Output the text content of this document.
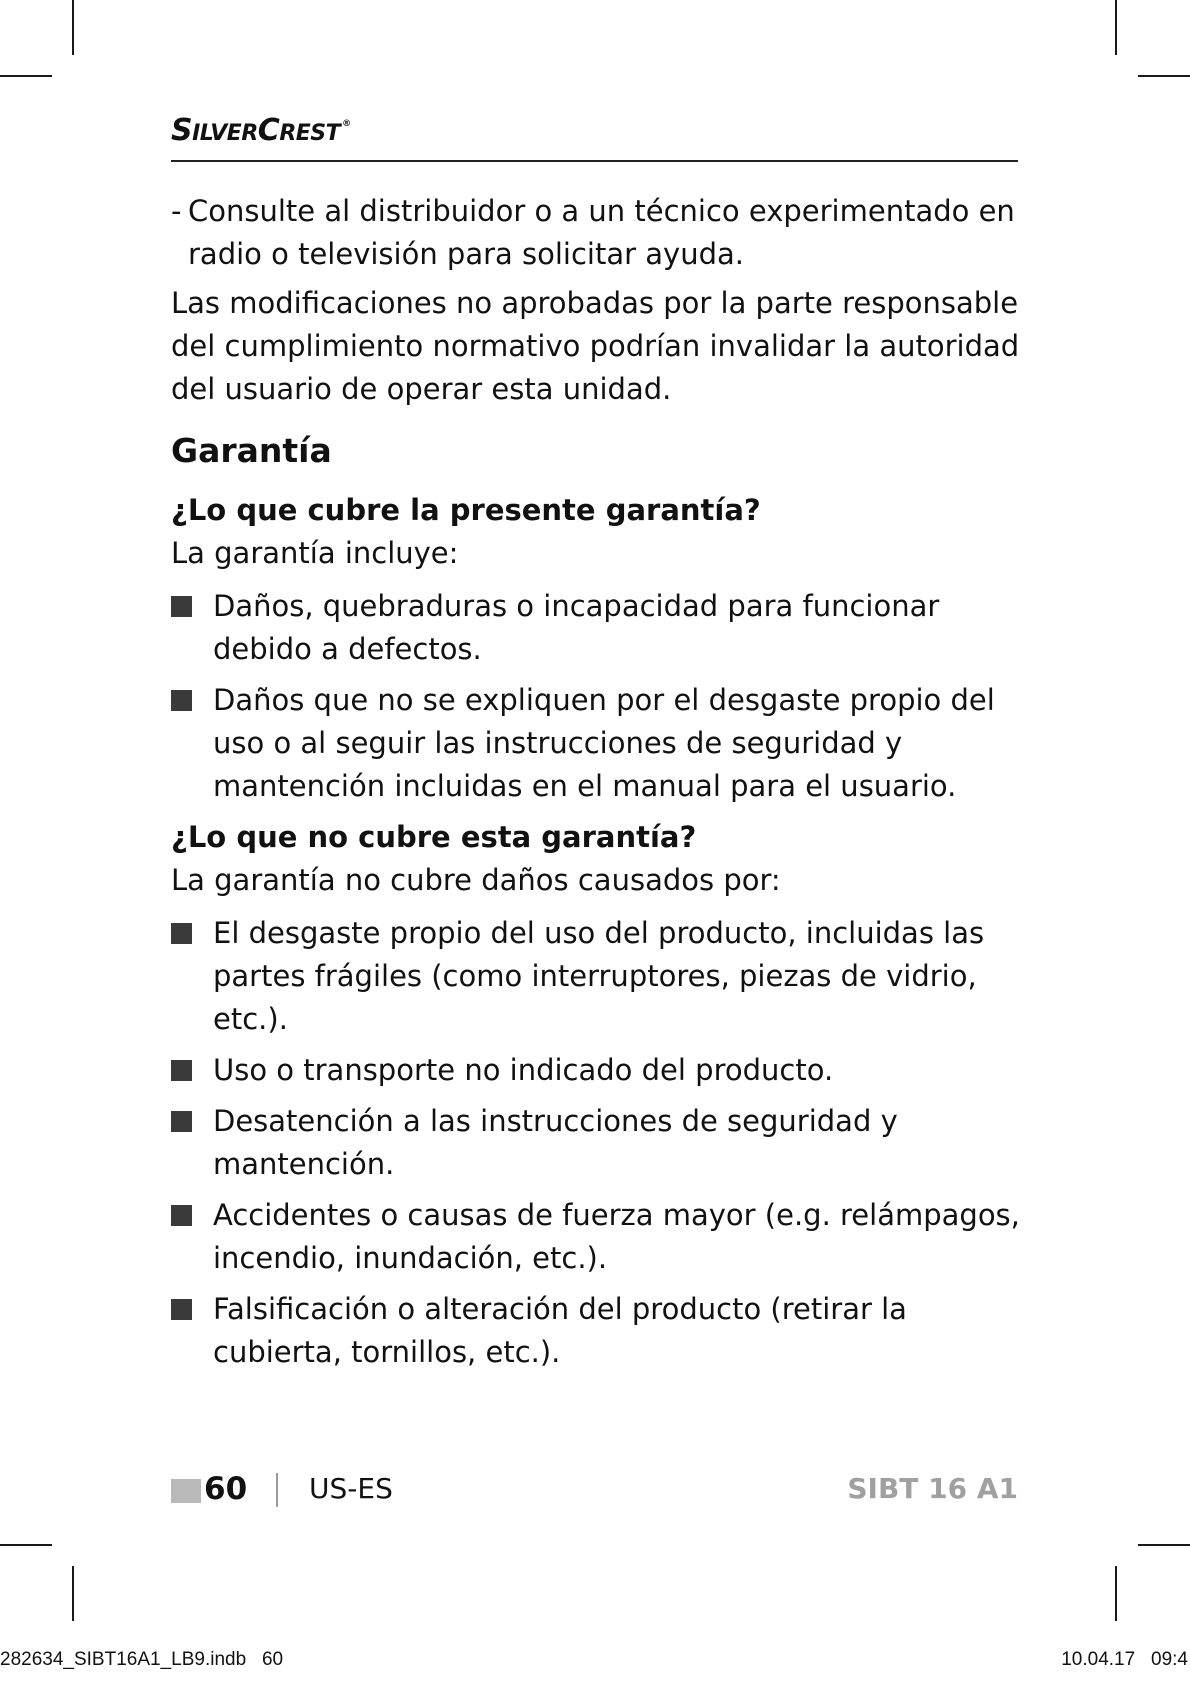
SILVERCREST ®
- Consulte al distribuidor o a un técnico experimentado en radio o televisión para solicitar ayuda.

Las modificaciones no aprobadas por la parte responsable del cumplimiento normativo podrían invalidar la autoridad del usuario de operar esta unidad.

Garantía
¿Lo que cubre la presente garantía?

La garantía incluye:

Daños, quebraduras o incapacidad para funcionar debido a defectos.
Daños que no se expliquen por el desgaste propio del uso o al seguir las instrucciones de seguridad y mantención incluidas en el manual para el usuario.
¿Lo que no cubre esta garantía?

La garantía no cubre daños causados por:

El desgaste propio del uso del producto, incluidas las partes frágiles (como interruptores, piezas de vidrio, etc.).
Uso o transporte no indicado del producto.
Desatención a las instrucciones de seguridad y mantención.
Accidentes o causas de fuerza mayor (e.g. relámpagos, incendio, inundación, etc.).
Falsificación o alteración del producto (retirar la cubierta, tornillos, etc.).
60 US-ES	SIBT 16 A1
282634_SIBT16A1_LB9.indb   60	10.04.17   09:4
